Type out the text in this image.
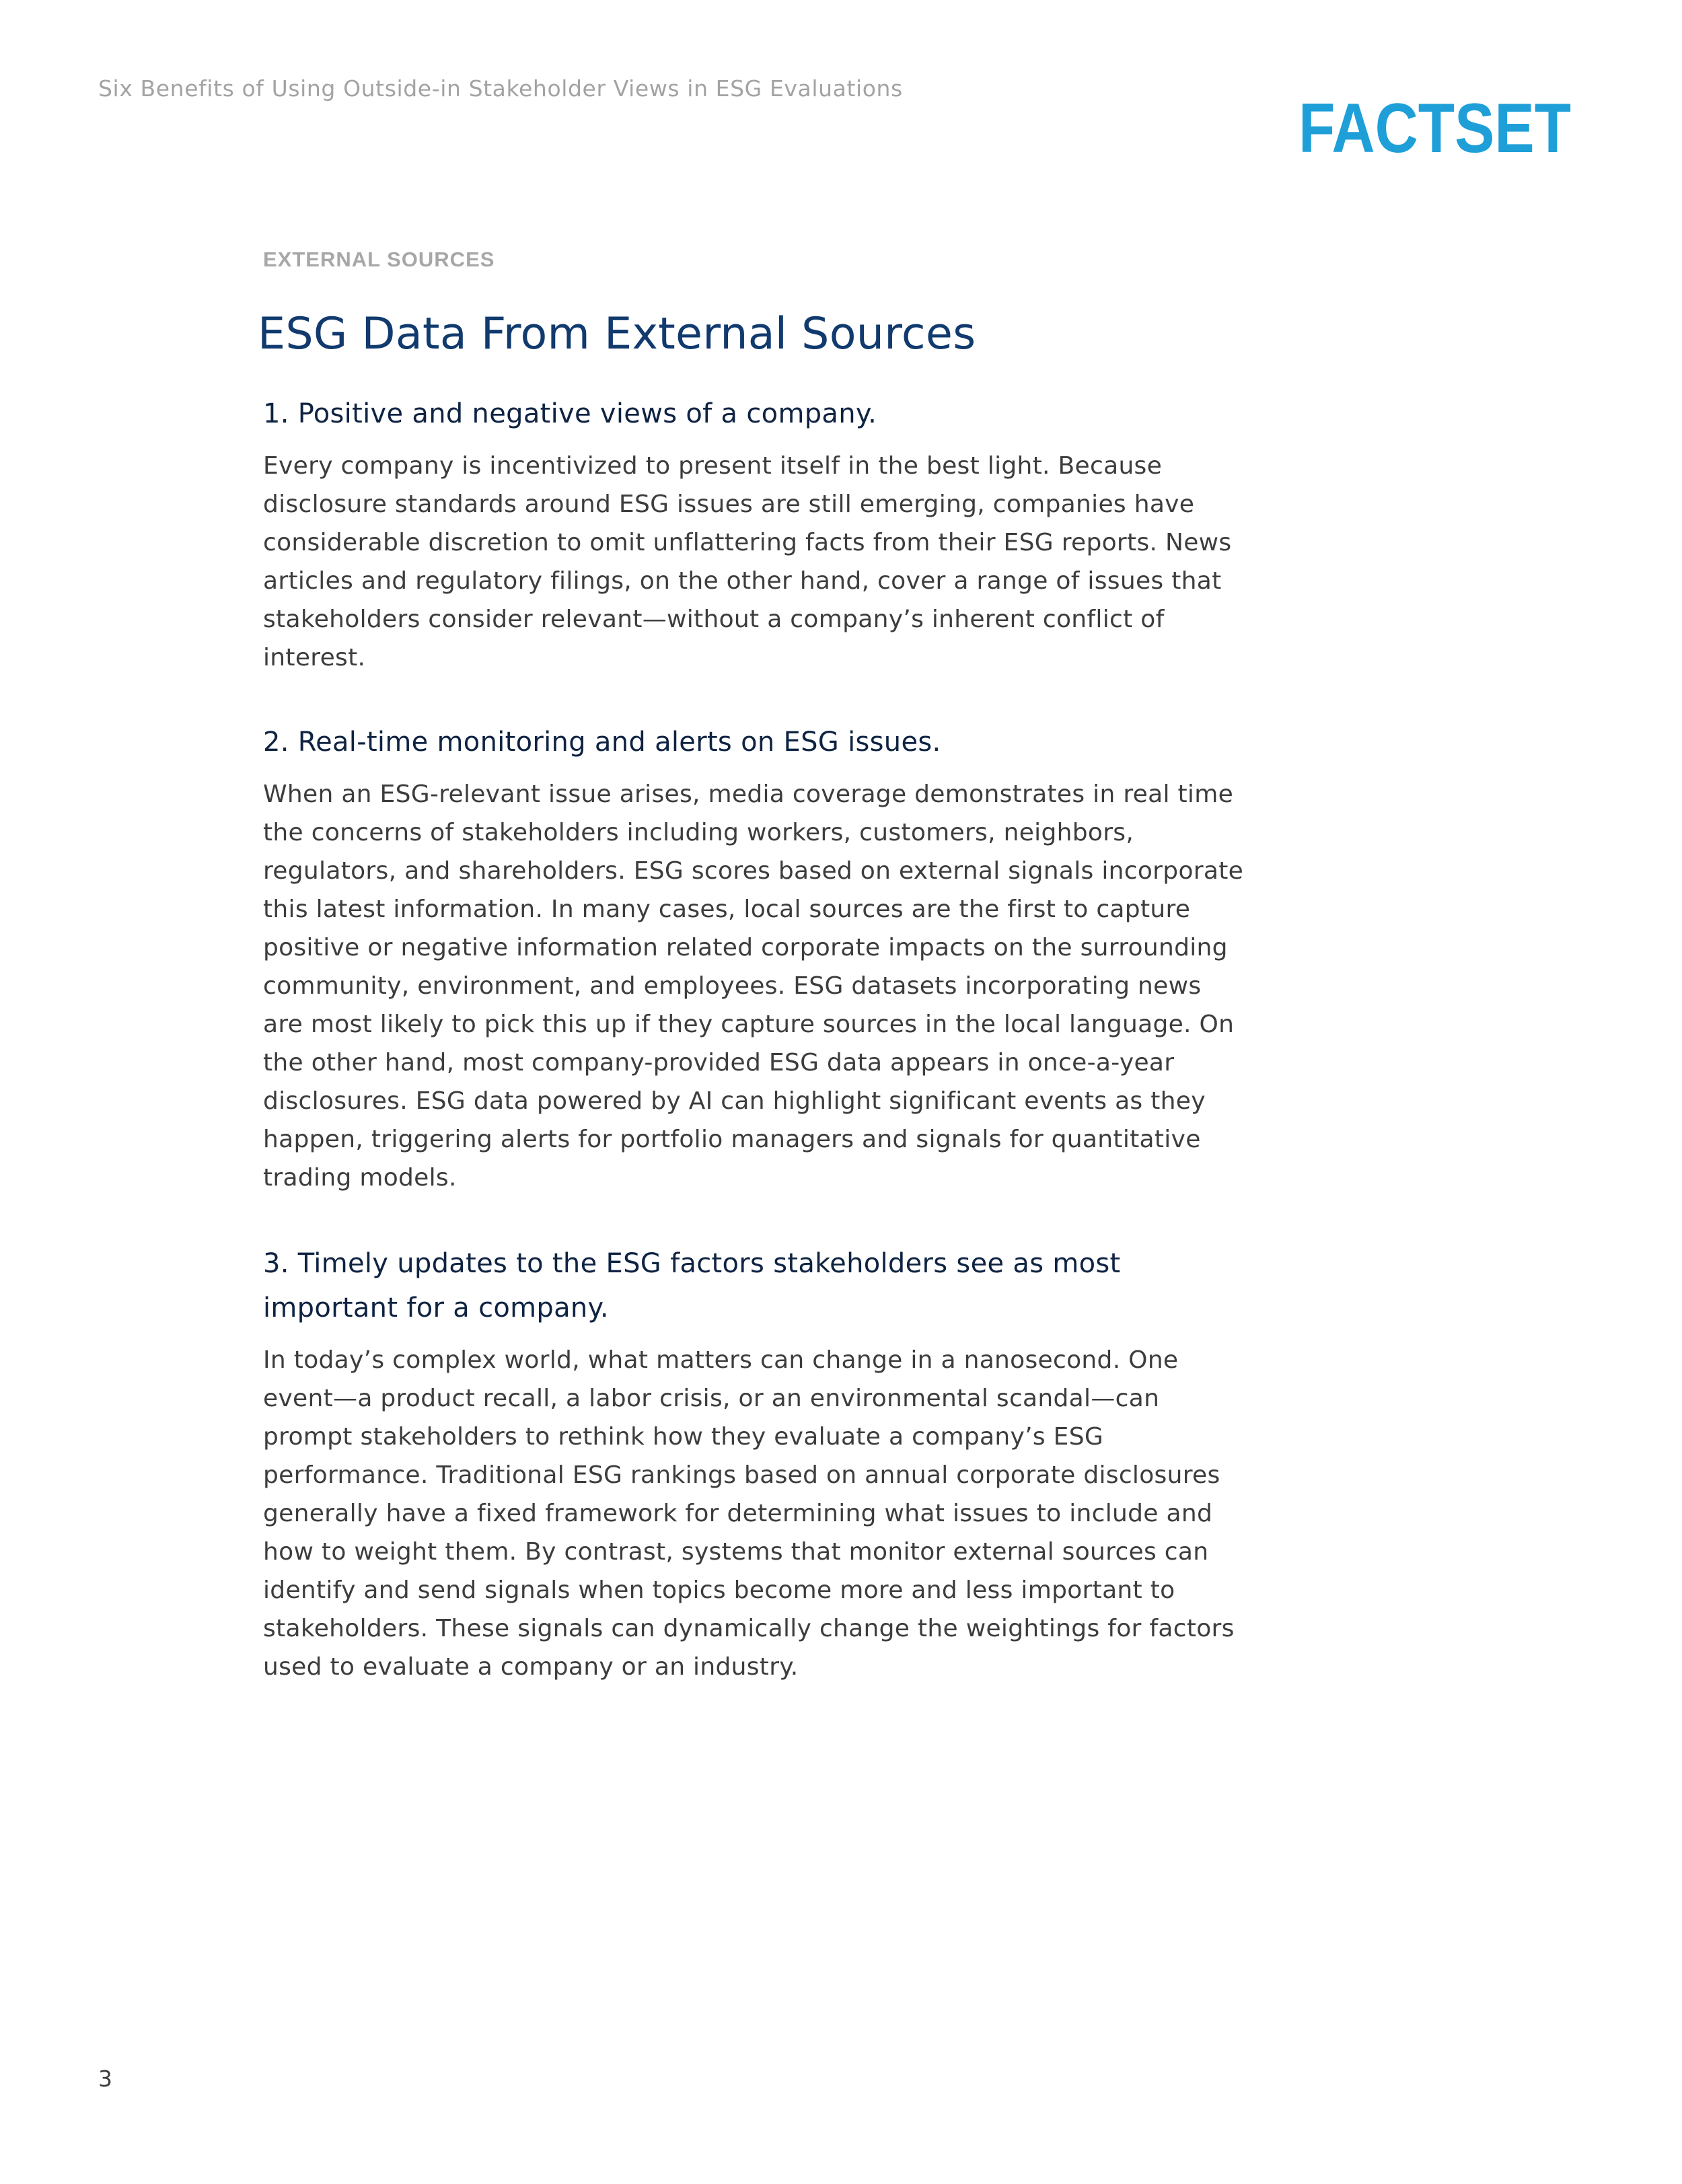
Six Benefits of Using Outside-in Stakeholder Views in ESG Evaluations
FACTSET
EXTERNAL SOURCES
ESG Data From External Sources
1. Positive and negative views of a company.

Every company is incentivized to present itself in the best light. Because disclosure standards around ESG issues are still emerging, companies have considerable discretion to omit unflattering facts from their ESG reports. News articles and regulatory filings, on the other hand, cover a range of issues that stakeholders consider relevant—without a company’s inherent conflict of interest.

2. Real-time monitoring and alerts on ESG issues.

When an ESG-relevant issue arises, media coverage demonstrates in real time the concerns of stakeholders including workers, customers, neighbors, regulators, and shareholders. ESG scores based on external signals incorporate this latest information. In many cases, local sources are the first to capture positive or negative information related corporate impacts on the surrounding community, environment, and employees. ESG datasets incorporating news are most likely to pick this up if they capture sources in the local language. On the other hand, most company-provided ESG data appears in once-a-year disclosures. ESG data powered by AI can highlight significant events as they happen, triggering alerts for portfolio managers and signals for quantitative trading models.

3. Timely updates to the ESG factors stakeholders see as most important for a company.

In today’s complex world, what matters can change in a nanosecond. One event—a product recall, a labor crisis, or an environmental scandal—can prompt stakeholders to rethink how they evaluate a company’s ESG performance. Traditional ESG rankings based on annual corporate disclosures generally have a fixed framework for determining what issues to include and how to weight them. By contrast, systems that monitor external sources can identify and send signals when topics become more and less important to stakeholders. These signals can dynamically change the weightings for factors used to evaluate a company or an industry.

3
